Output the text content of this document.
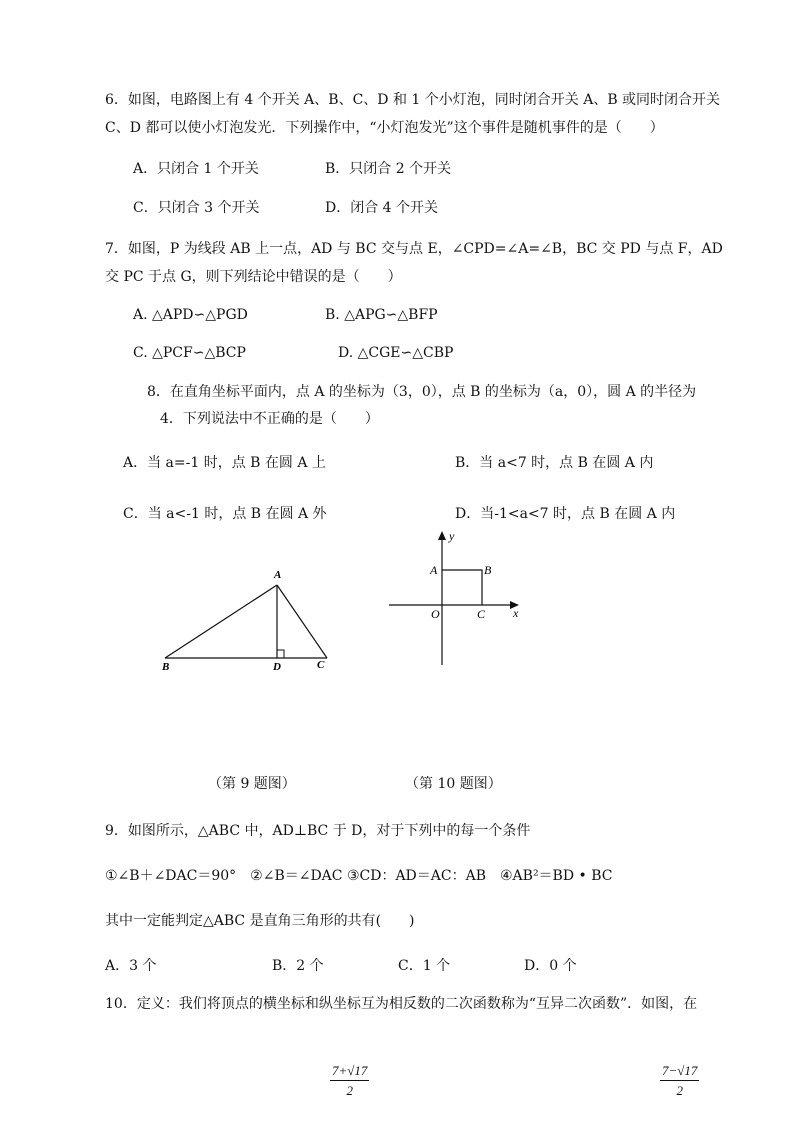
6．如图，电路图上有 4 个开关 A、B、C、D 和 1 个小灯泡，同时闭合开关 A、B 或同时闭合开关
C、D 都可以使小灯泡发光．下列操作中，“小灯泡发光”这个事件是随机事件的是（　　）
A．只闭合 1 个开关	B．只闭合 2 个开关
C．只闭合 3 个开关	D．闭合 4 个开关
7．如图，P 为线段 AB 上一点，AD 与 BC 交与点 E，∠CPD=∠A=∠B，BC 交 PD 与点 F，AD
交 PC 于点 G，则下列结论中错误的是（　　）
A. △APD∽△PGD	B. △APG∽△BFP
C. △PCF∽△BCP	D. △CGE∽△CBP
8．在直角坐标平面内，点 A 的坐标为（3，0），点 B 的坐标为（a，0），圆 A 的半径为
4．下列说法中不正确的是（　　）
A．当 a=-1 时，点 B 在圆 A 上	B．当 a<7 时，点 B 在圆 A 内
C．当 a<-1 时，点 B 在圆 A 外	D．当-1<a<7 时，点 B 在圆 A 内
A
B	D	C
y
x
O
A	B
C
（第 9 题图）	（第 10 题图）
9．如图所示，△ABC 中，AD⊥BC 于 D，对于下列中的每一个条件
①∠B＋∠DAC＝90°　②∠B＝∠DAC ③CD：AD＝AC：AB　④AB²＝BD • BC
其中一定能判定△ABC 是直角三角形的共有(　　)
A．3 个	B．2 个	C．1 个	D．0 个
10．定义：我们将顶点的横坐标和纵坐标互为相反数的二次函数称为“互异二次函数”．如图，在
$\frac{7+√17}{2}$	$\frac{7-√17}{2}$
